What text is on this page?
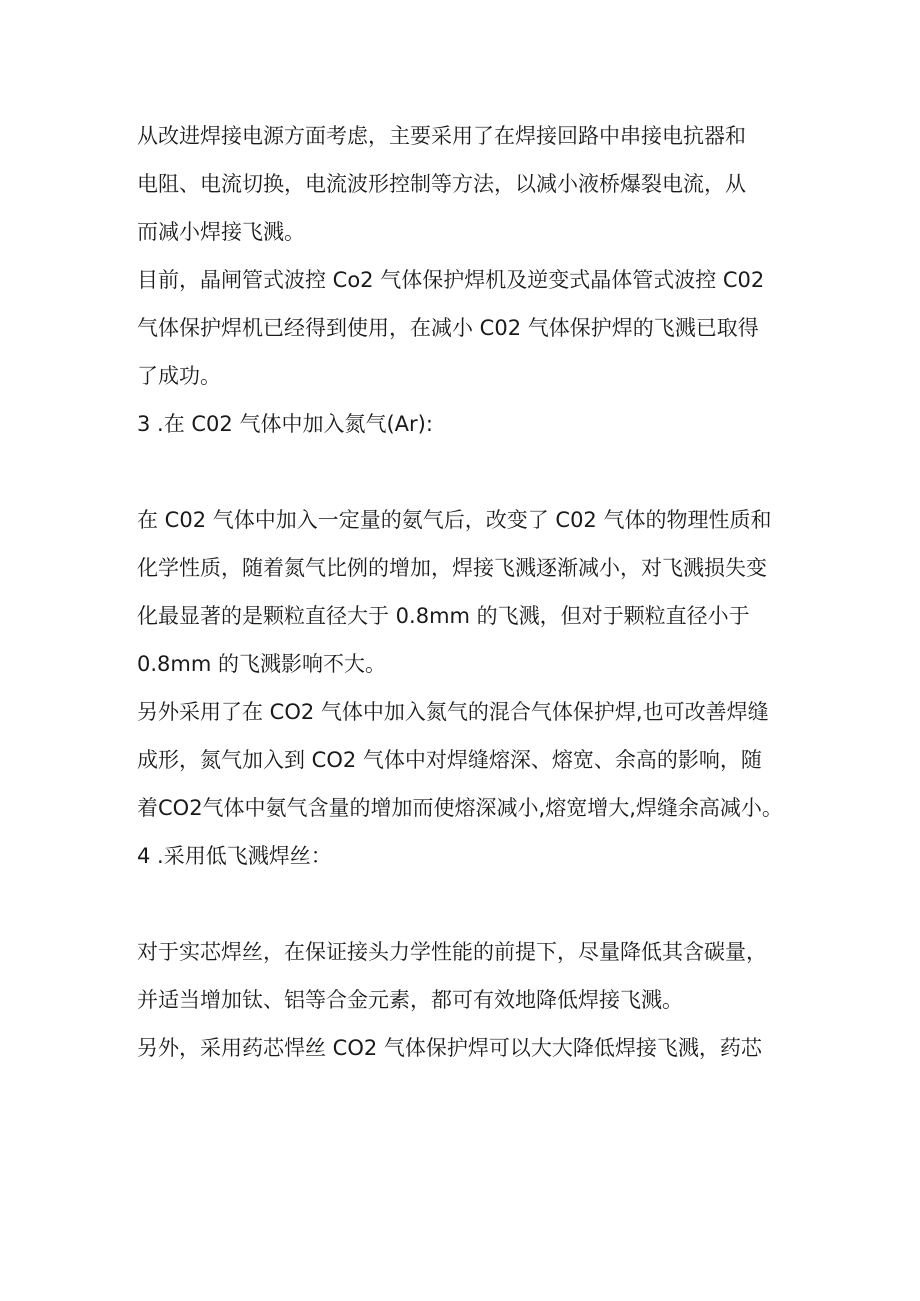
从改进焊接电源方面考虑，主要采用了在焊接回路中串接电抗器和
电阻、电流切换，电流波形控制等方法，以减小液桥爆裂电流，从
而减小焊接飞溅。
目前，晶闸管式波控 Co2 气体保护焊机及逆变式晶体管式波控 C02
气体保护焊机已经得到使用，在减小 C02 气体保护焊的飞溅已取得
了成功。
3 .在 C02 气体中加入氮气(Ar):
在 C02 气体中加入一定量的氨气后，改变了 C02 气体的物理性质和
化学性质，随着氮气比例的增加，焊接飞溅逐渐减小，对飞溅损失变
化最显著的是颗粒直径大于 0.8mm 的飞溅，但对于颗粒直径小于
0.8mm 的飞溅影响不大。
另外采用了在 CO2 气体中加入氮气的混合气体保护焊,也可改善焊缝
成形，氮气加入到 CO2 气体中对焊缝熔深、熔宽、余高的影响，随
着CO2气体中氨气含量的增加而使熔深减小,熔宽增大,焊缝余高减小。
4 .采用低飞溅焊丝：
对于实芯焊丝，在保证接头力学性能的前提下，尽量降低其含碳量，
并适当增加钛、铝等合金元素，都可有效地降低焊接飞溅。
另外，采用药芯悍丝 CO2 气体保护焊可以大大降低焊接飞溅，药芯
